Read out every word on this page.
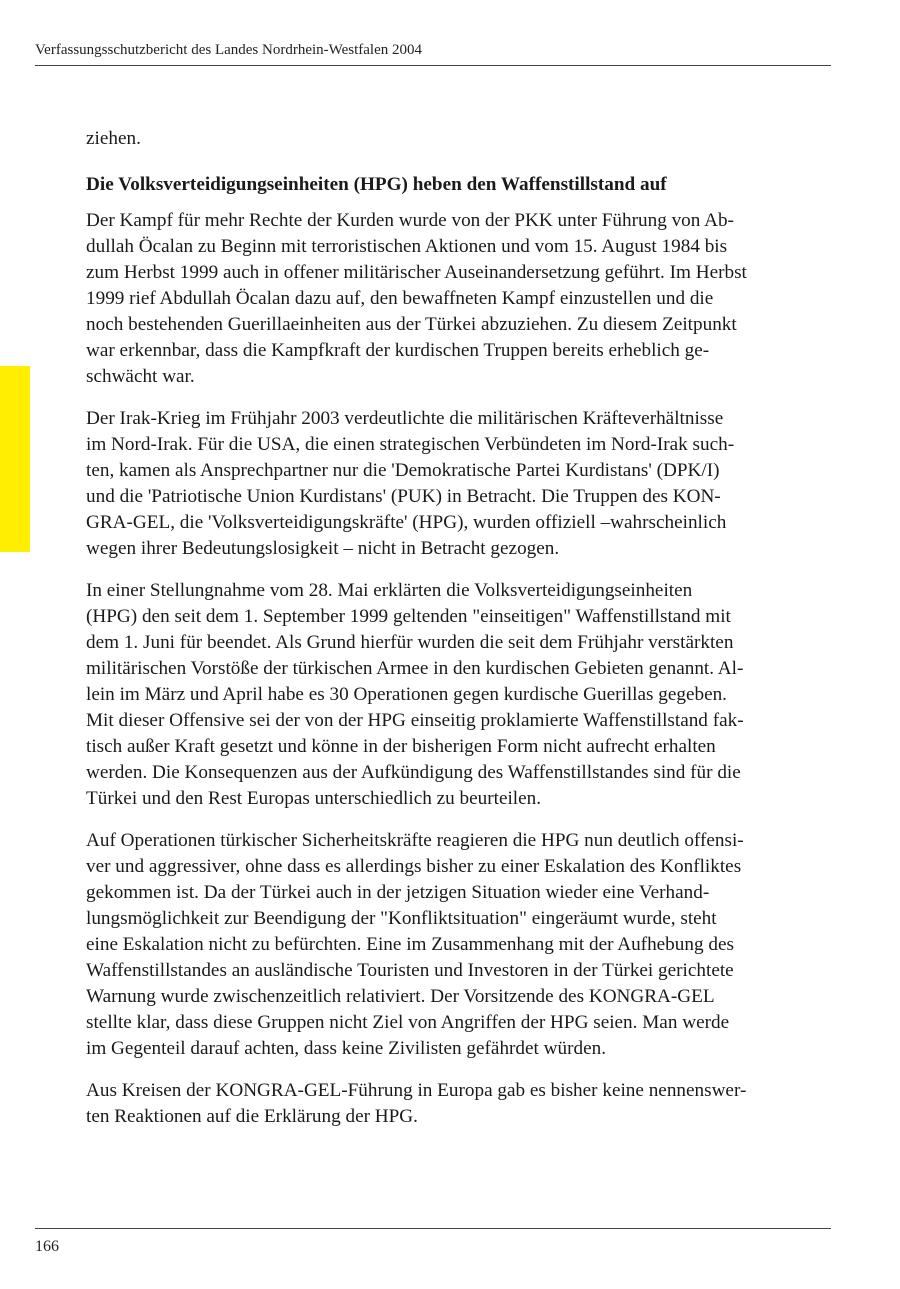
Verfassungsschutzbericht des Landes Nordrhein-Westfalen 2004

ziehen.

Die Volksverteidigungseinheiten (HPG) heben den Waffenstillstand auf

Der Kampf für mehr Rechte der Kurden wurde von der PKK unter Führung von Ab-
dullah Öcalan zu Beginn mit terroristischen Aktionen und vom 15. August 1984 bis
zum Herbst 1999 auch in offener militärischer Auseinandersetzung geführt. Im Herbst
1999 rief Abdullah Öcalan dazu auf, den bewaffneten Kampf einzustellen und die
noch bestehenden Guerillaeinheiten aus der Türkei abzuziehen. Zu diesem Zeitpunkt
war erkennbar, dass die Kampfkraft der kurdischen Truppen bereits erheblich ge-
schwächt war.

Der Irak-Krieg im Frühjahr 2003 verdeutlichte die militärischen Kräfteverhältnisse
im Nord-Irak. Für die USA, die einen strategischen Verbündeten im Nord-Irak such-
ten, kamen als Ansprechpartner nur die 'Demokratische Partei Kurdistans' (DPK/I)
und die 'Patriotische Union Kurdistans' (PUK) in Betracht. Die Truppen des KON-
GRA-GEL, die 'Volksverteidigungskräfte' (HPG), wurden offiziell –wahrscheinlich
wegen ihrer Bedeutungslosigkeit – nicht in Betracht gezogen.

In einer Stellungnahme vom 28. Mai erklärten die Volksverteidigungseinheiten
(HPG) den seit dem 1. September 1999 geltenden "einseitigen" Waffenstillstand mit
dem 1. Juni für beendet. Als Grund hierfür wurden die seit dem Frühjahr verstärkten
militärischen Vorstöße der türkischen Armee in den kurdischen Gebieten genannt. Al-
lein im März und April habe es 30 Operationen gegen kurdische Guerillas gegeben.
Mit dieser Offensive sei der von der HPG einseitig proklamierte Waffenstillstand fak-
tisch außer Kraft gesetzt und könne in der bisherigen Form nicht aufrecht erhalten
werden. Die Konsequenzen aus der Aufkündigung des Waffenstillstandes sind für die
Türkei und den Rest Europas unterschiedlich zu beurteilen.

Auf Operationen türkischer Sicherheitskräfte reagieren die HPG nun deutlich offensi-
ver und aggressiver, ohne dass es allerdings bisher zu einer Eskalation des Konfliktes
gekommen ist. Da der Türkei auch in der jetzigen Situation wieder eine Verhand-
lungsmöglichkeit zur Beendigung der "Konfliktsituation" eingeräumt wurde, steht
eine Eskalation nicht zu befürchten. Eine im Zusammenhang mit der Aufhebung des
Waffenstillstandes an ausländische Touristen und Investoren in der Türkei gerichtete
Warnung wurde zwischenzeitlich relativiert. Der Vorsitzende des KONGRA-GEL
stellte klar, dass diese Gruppen nicht Ziel von Angriffen der HPG seien. Man werde
im Gegenteil darauf achten, dass keine Zivilisten gefährdet würden.

Aus Kreisen der KONGRA-GEL-Führung in Europa gab es bisher keine nennenswer-
ten Reaktionen auf die Erklärung der HPG.

166
